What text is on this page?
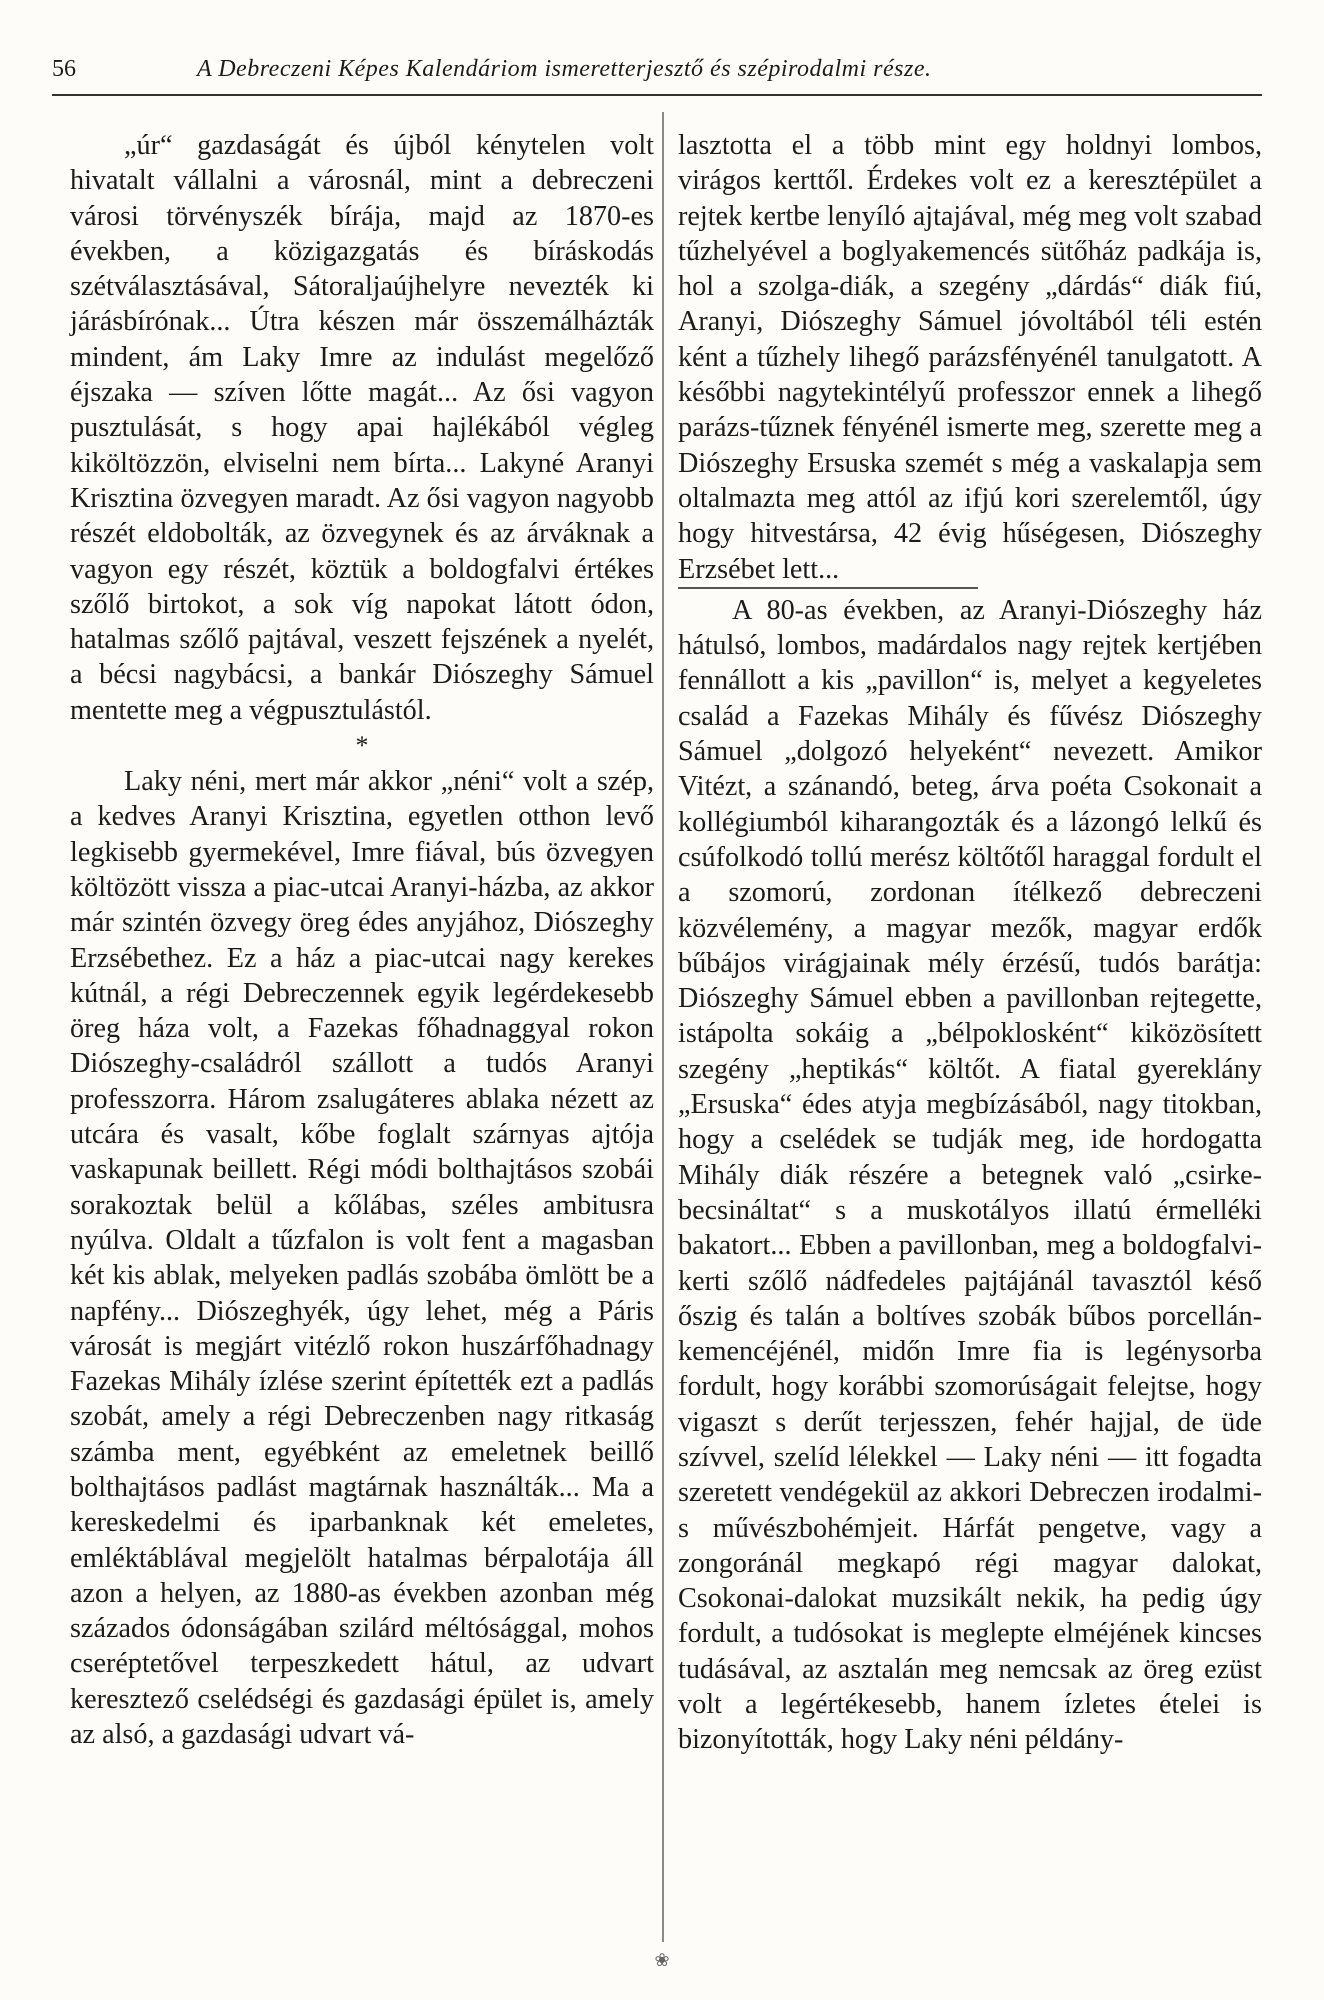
56	A Debreczeni Képes Kalendáriom ismeretterjesztő és szépirodalmi része.

„úr“ gazdaságát és újból kénytelen volt hivatalt vállalni a városnál, mint a debreczeni városi törvényszék bírája, majd az 1870-es években, a közigazgatás és bíráskodás szétválasztásával, Sátoraljaújhelyre nevezték ki járásbírónak... Útra készen már összemálházták mindent, ám Laky Imre az indulást megelőző éjszaka — szíven lőtte magát... Az ősi vagyon pusztulását, s hogy apai hajlékából végleg kiköltözzön, elviselni nem bírta... Lakyné Aranyi Krisztina özvegyen maradt. Az ősi vagyon nagyobb részét eldobolták, az özvegynek és az árváknak a vagyon egy részét, köztük a boldogfalvi értékes szőlő birtokot, a sok víg napokat látott ódon, hatalmas szőlő pajtával, veszett fejszének a nyelét, a bécsi nagybácsi, a bankár Diószeghy Sámuel mentette meg a végpusztulástól.

*

Laky néni, mert már akkor „néni“ volt a szép, a kedves Aranyi Krisztina, egyetlen otthon levő legkisebb gyermekével, Imre fiával, bús özvegyen költözött vissza a piac-utcai Aranyi-házba, az akkor már szintén özvegy öreg édes anyjához, Diószeghy Erzsébethez. Ez a ház a piac-utcai nagy kerekes kútnál, a régi Debreczennek egyik legérdekesebb öreg háza volt, a Fazekas főhadnaggyal rokon Diószeghy-családról szállott a tudós Aranyi professzorra. Három zsalugáteres ablaka nézett az utcára és vasalt, kőbe foglalt szárnyas ajtója vaskapunak beillett. Régi módi bolthajtásos szobái sorakoztak belül a kőlábas, széles ambitusra nyúlva. Oldalt a tűzfalon is volt fent a magasban két kis ablak, melyeken padlás szobába ömlött be a napfény... Diószeghyék, úgy lehet, még a Páris városát is megjárt vitézlő rokon huszárfőhadnagy Fazekas Mihály ízlése szerint építették ezt a padlás szobát, amely a régi Debreczenben nagy ritkaság számba ment, egyébként az emeletnek beillő bolthajtásos padlást magtárnak használták... Ma a kereskedelmi és iparbanknak két emeletes, emléktáblával megjelölt hatalmas bérpalotája áll azon a helyen, az 1880-as években azonban még százados ódonságában szilárd méltósággal, mohos cseréptetővel terpeszkedett hátul, az udvart keresztező cselédségi és gazdasági épület is, amely az alsó, a gazdasági udvart vá-

lasztotta el a több mint egy holdnyi lombos, virágos kerttől. Érdekes volt ez a keresztépület a rejtek kertbe lenyíló ajtajával, még meg volt szabad tűzhelyével a boglyakemencés sütőház padkája is, hol a szolga-diák, a szegény „dárdás“ diák fiú, Aranyi, Diószeghy Sámuel jóvoltából téli estén ként a tűzhely lihegő parázsfényénél tanulgatott. A későbbi nagytekintélyű professzor ennek a lihegő parázs-tűznek fényénél ismerte meg, szerette meg a Diószeghy Ersuska szemét s még a vaskalapja sem oltalmazta meg attól az ifjú kori szerelemtől, úgy hogy hitvestársa, 42 évig hűségesen, Diószeghy Erzsébet lett...

A 80-as években, az Aranyi-Diószeghy ház hátulsó, lombos, madárdalos nagy rejtek kertjében fennállott a kis „pavillon“ is, melyet a kegyeletes család a Fazekas Mihály és fűvész Diószeghy Sámuel „dolgozó helyeként“ nevezett. Amikor Vitézt, a szánandó, beteg, árva poéta Csokonait a kollégiumból kiharangozták és a lázongó lelkű és csúfolkodó tollú merész költőtől haraggal fordult el a szomorú, zordonan ítélkező debreczeni közvélemény, a magyar mezők, magyar erdők bűbájos virágjainak mély érzésű, tudós barátja: Diószeghy Sámuel ebben a pavillonban rejtegette, istápolta sokáig a „bélpoklosként“ kiközösített szegény „heptikás“ költőt. A fiatal gyereklány „Ersuska“ édes atyja megbízásából, nagy titokban, hogy a cselédek se tudják meg, ide hordogatta Mihály diák részére a betegnek való „csirke-becsináltat“ s a muskotályos illatú érmelléki bakatort... Ebben a pavillonban, meg a boldogfalvi-kerti szőlő nádfedeles pajtájánál tavasztól késő őszig és talán a boltíves szobák bűbos porcellán-kemencéjénél, midőn Imre fia is legénysorba fordult, hogy korábbi szomorúságait felejtse, hogy vigaszt s derűt terjesszen, fehér hajjal, de üde szívvel, szelíd lélekkel — Laky néni — itt fogadta szeretett vendégekül az akkori Debreczen irodalmi- s művészbohémjeit. Hárfát pengetve, vagy a zongoránál megkapó régi magyar dalokat, Csokonai-dalokat muzsikált nekik, ha pedig úgy fordult, a tudósokat is meglepte elméjének kincses tudásával, az asztalán meg nemcsak az öreg ezüst volt a legértékesebb, hanem ízletes ételei is bizonyították, hogy Laky néni példány-

❀
